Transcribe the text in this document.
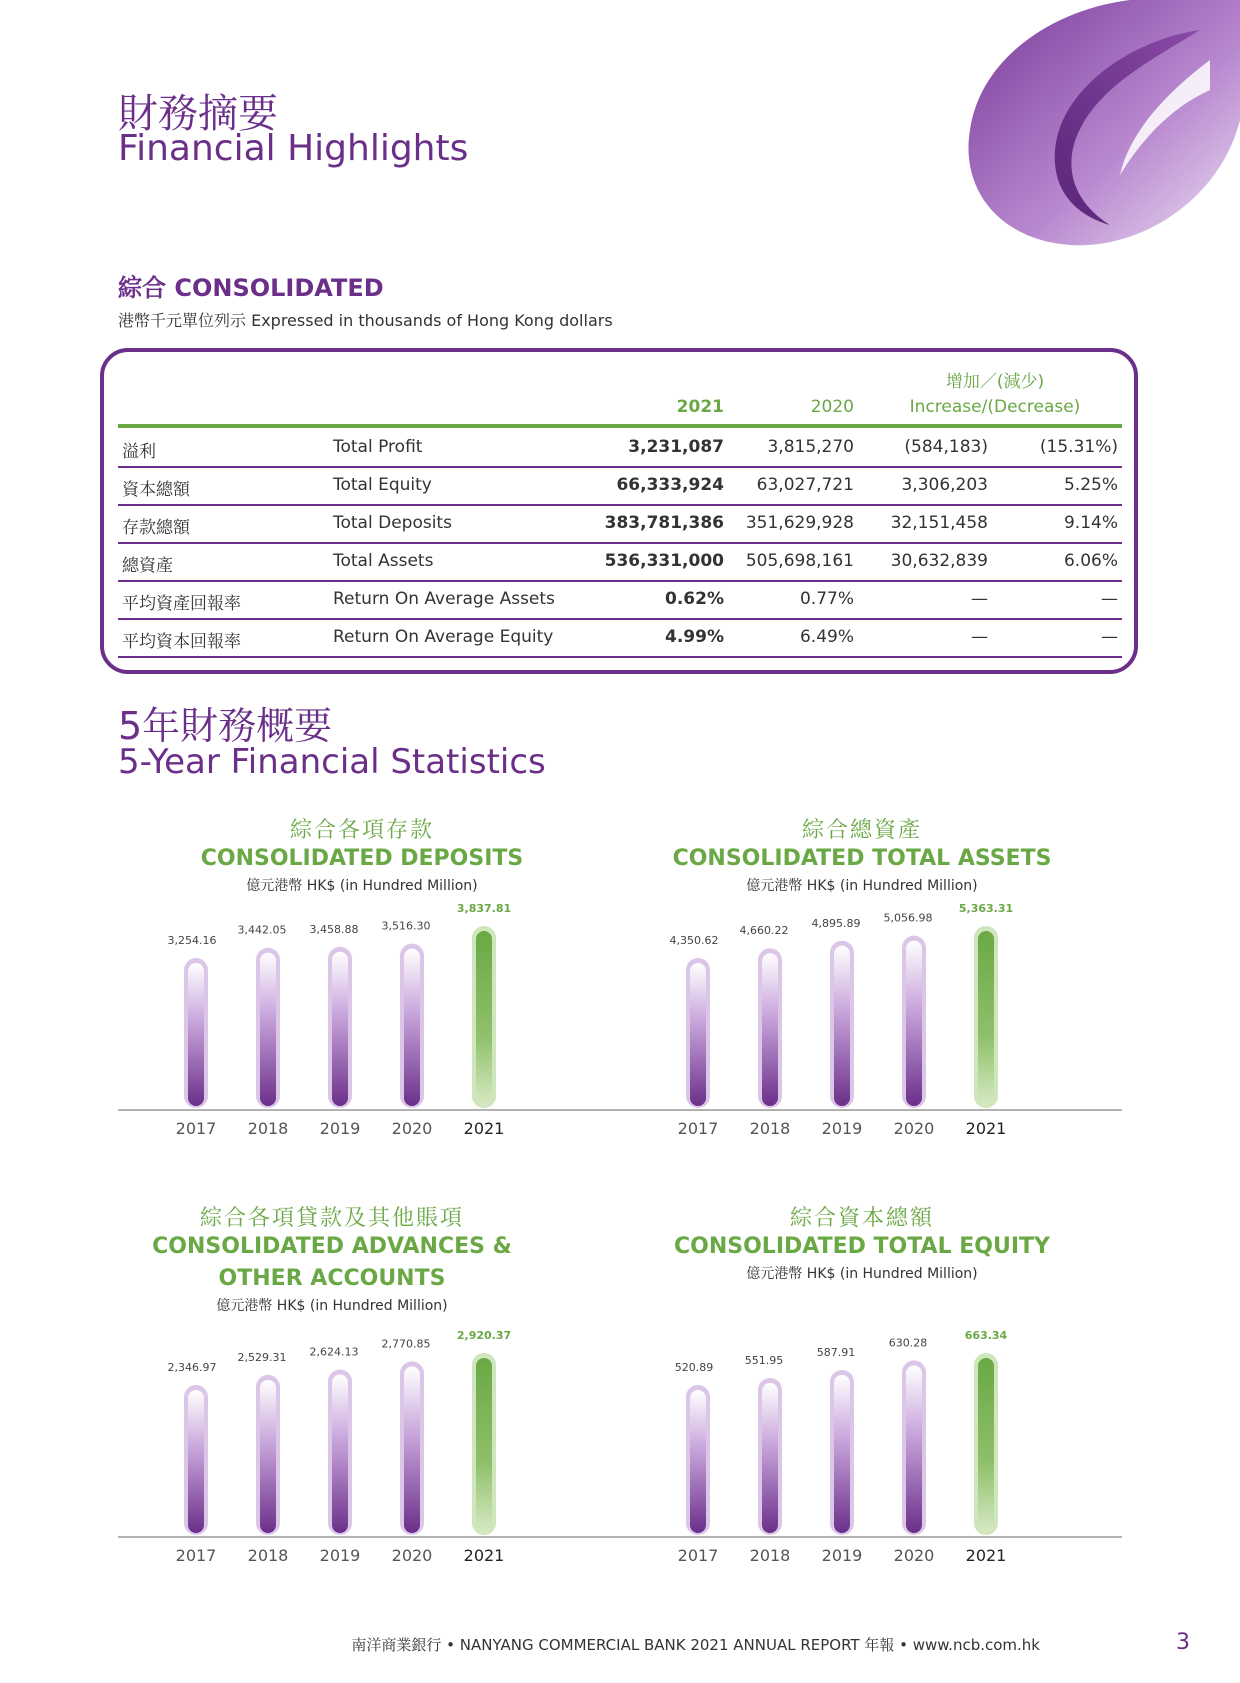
財務摘要
Financial Highlights
綜合 CONSOLIDATED
港幣千元單位列示 Expressed in thousands of Hong Kong dollars
2021	2020
增加／(減少)
Increase/(Decrease)
溢利	Total Profit	3,231,087	3,815,270	(584,183)	(15.31%)
資本總額	Total Equity	66,333,924	63,027,721	3,306,203	5.25%
存款總額	Total Deposits	383,781,386	351,629,928	32,151,458	9.14%
總資產	Total Assets	536,331,000	505,698,161	30,632,839	6.06%
平均資產回報率	Return On Average Assets	0.62%	0.77%	—	—
平均資本回報率	Return On Average Equity	4.99%	6.49%	—	—
5年財務概要
5-Year Financial Statistics
綜合各項存款
CONSOLIDATED DEPOSITS
億元港幣 HK$ (in Hundred Million)
綜合總資產
CONSOLIDATED TOTAL ASSETS
億元港幣 HK$ (in Hundred Million)
綜合各項貸款及其他賬項
CONSOLIDATED ADVANCES &
OTHER ACCOUNTS
億元港幣 HK$ (in Hundred Million)
綜合資本總額
CONSOLIDATED TOTAL EQUITY
億元港幣 HK$ (in Hundred Million)
3,254.16
2017
3,442.05
2018
3,458.88
2019
3,516.30
2020
3,837.81
2021
4,350.62
2017
4,660.22
2018
4,895.89
2019
5,056.98
2020
5,363.31
2021
2,346.97
2017
2,529.31
2018
2,624.13
2019
2,770.85
2020
2,920.37
2021
520.89
2017
551.95
2018
587.91
2019
630.28
2020
663.34
2021
南洋商業銀行 • NANYANG COMMERCIAL BANK 2021 ANNUAL REPORT 年報 • www.ncb.com.hk	3
